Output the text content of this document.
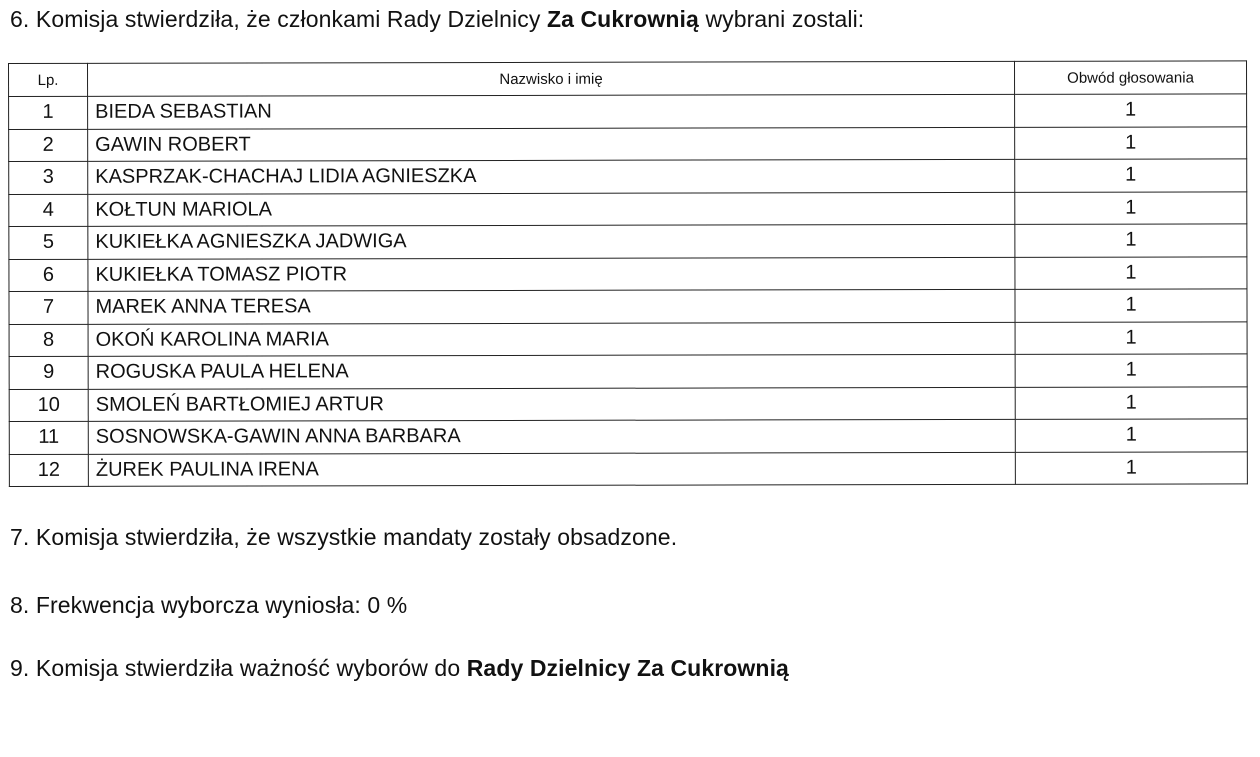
6. Komisja stwierdziła, że członkami Rady Dzielnicy Za Cukrownią wybrani zostali:
Lp.	Nazwisko i imię	Obwód głosowania
1	BIEDA SEBASTIAN	1
2	GAWIN ROBERT	1
3	KASPRZAK-CHACHAJ LIDIA AGNIESZKA	1
4	KOŁTUN MARIOLA	1
5	KUKIEŁKA AGNIESZKA JADWIGA	1
6	KUKIEŁKA TOMASZ PIOTR	1
7	MAREK ANNA TERESA	1
8	OKOŃ KAROLINA MARIA	1
9	ROGUSKA PAULA HELENA	1
10	SMOLEŃ BARTŁOMIEJ ARTUR	1
11	SOSNOWSKA-GAWIN ANNA BARBARA	1
12	ŻUREK PAULINA IRENA	1
7. Komisja stwierdziła, że wszystkie mandaty zostały obsadzone.
8. Frekwencja wyborcza wyniosła: 0 %
9. Komisja stwierdziła ważność wyborów do Rady Dzielnicy Za Cukrownią
